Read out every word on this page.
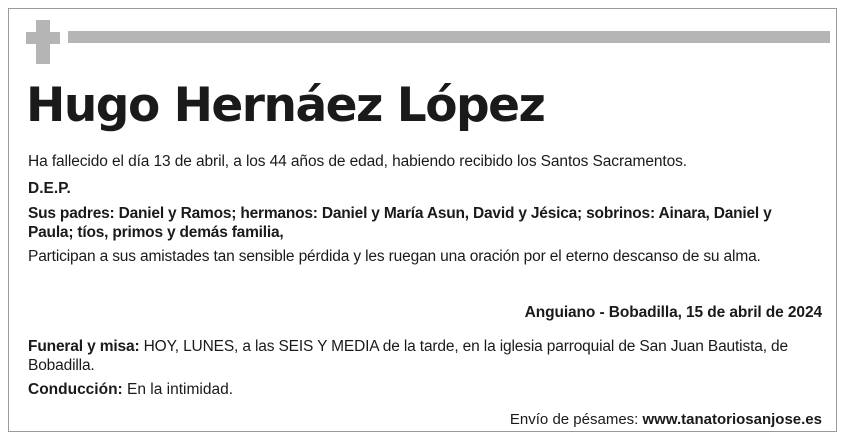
Hugo Hernáez López

Ha fallecido el día 13 de abril, a los 44 años de edad, habiendo recibido los Santos Sacramentos.

D.E.P.

Sus padres: Daniel y Ramos; hermanos: Daniel y María Asun, David y Jésica; sobrinos: Ainara, Daniel y Paula; tíos, primos y demás familia,

Participan a sus amistades tan sensible pérdida y les ruegan una oración por el eterno descanso de su alma.

Anguiano - Bobadilla, 15 de abril de 2024

Funeral y misa: HOY, LUNES, a las SEIS Y MEDIA de la tarde, en la iglesia parroquial de San Juan Bautista, de Bobadilla.

Conducción: En la intimidad.

Envío de pésames: www.tanatoriosanjose.es
